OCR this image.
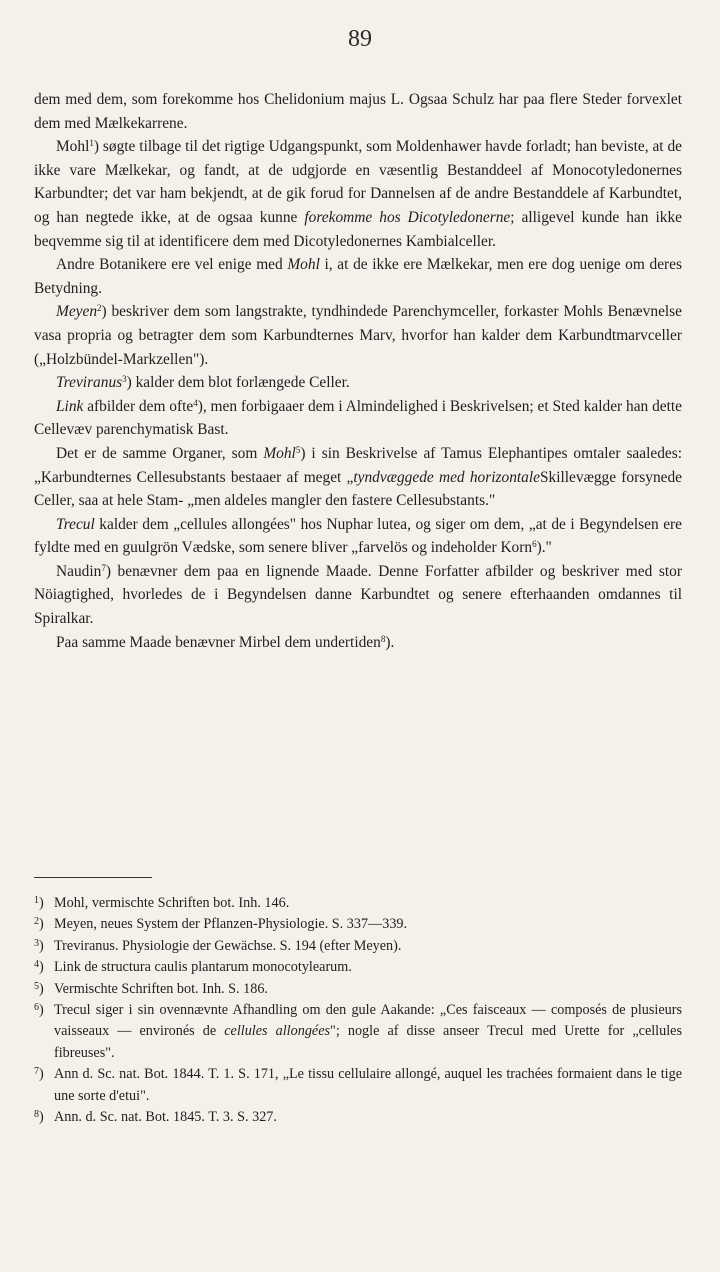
89

dem med dem, som forekomme hos Chelidonium majus L. Ogsaa Schulz har paa flere Steder forvexlet dem med Mælkekarrene.

Mohl$^1$) søgte tilbage til det rigtige Udgangspunkt, som Moldenhawer havde forladt; han beviste, at de ikke vare Mælkekar, og fandt, at de udgjorde en væsentlig Bestanddeel af Monocotyledonernes Karbundter; det var ham bekjendt, at de gik forud for Dannelsen af de andre Bestanddele af Karbundtet, og han negtede ikke, at de ogsaa kunne forekomme hos Dicotyledonerne; alligevel kunde han ikke beqvemme sig til at identificere dem med Dicotyledonernes Kambialceller.

Andre Botanikere ere vel enige med Mohl i, at de ikke ere Mælkekar, men ere dog uenige om deres Betydning.

Meyen$^2$) beskriver dem som langstrakte, tyndhindede Parenchymceller, forkaster Mohls Benævnelse vasa propria og betragter dem som Karbundternes Marv, hvorfor han kalder dem Karbundtmarvceller („Holzbündel-Markzellen").

Treviranus$^3$) kalder dem blot forlængede Celler.

Link afbilder dem ofte$^4$), men forbigaaer dem i Almindelighed i Beskrivelsen; et Sted kalder han dette Cellevæv parenchymatisk Bast.

Det er de samme Organer, som Mohl$^5$) i sin Beskrivelse af Tamus Elephantipes omtaler saaledes: „Karbundternes Cellesubstants bestaaer af meget „tyndvæggede med horizontaleSkillevægge forsynede Celler, saa at hele Stam- „men aldeles mangler den fastere Cellesubstants."

Trecul kalder dem „cellules allongées" hos Nuphar lutea, og siger om dem, „at de i Begyndelsen ere fyldte med en guulgrön Vædske, som senere bliver „farvelös og indeholder Korn$^6$)."

Naudin$^7$) benævner dem paa en lignende Maade. Denne Forfatter afbilder og beskriver med stor Nöiagtighed, hvorledes de i Begyndelsen danne Karbundtet og senere efterhaanden omdannes til Spiralkar.

Paa samme Maade benævner Mirbel dem undertiden$^8$).

$^1$) Mohl, vermischte Schriften bot. Inh. 146.
$^2$) Meyen, neues System der Pflanzen-Physiologie. S. 337—339.
$^3$) Treviranus. Physiologie der Gewächse. S. 194 (efter Meyen).
$^4$) Link de structura caulis plantarum monocotylearum.
$^5$) Vermischte Schriften bot. Inh. S. 186.
$^6$) Trecul siger i sin ovennævnte Afhandling om den gule Aakande: „Ces faisceaux — composés de plusieurs vaisseaux — environés de cellules allongées"; nogle af disse anseer Trecul med Urette for „cellules fibreuses".
$^7$) Ann d. Sc. nat. Bot. 1844. T. 1. S. 171, „Le tissu cellulaire allongé, auquel les trachées formaient dans le tige une sorte d'etui".
$^8$) Ann. d. Sc. nat. Bot. 1845. T. 3. S. 327.
